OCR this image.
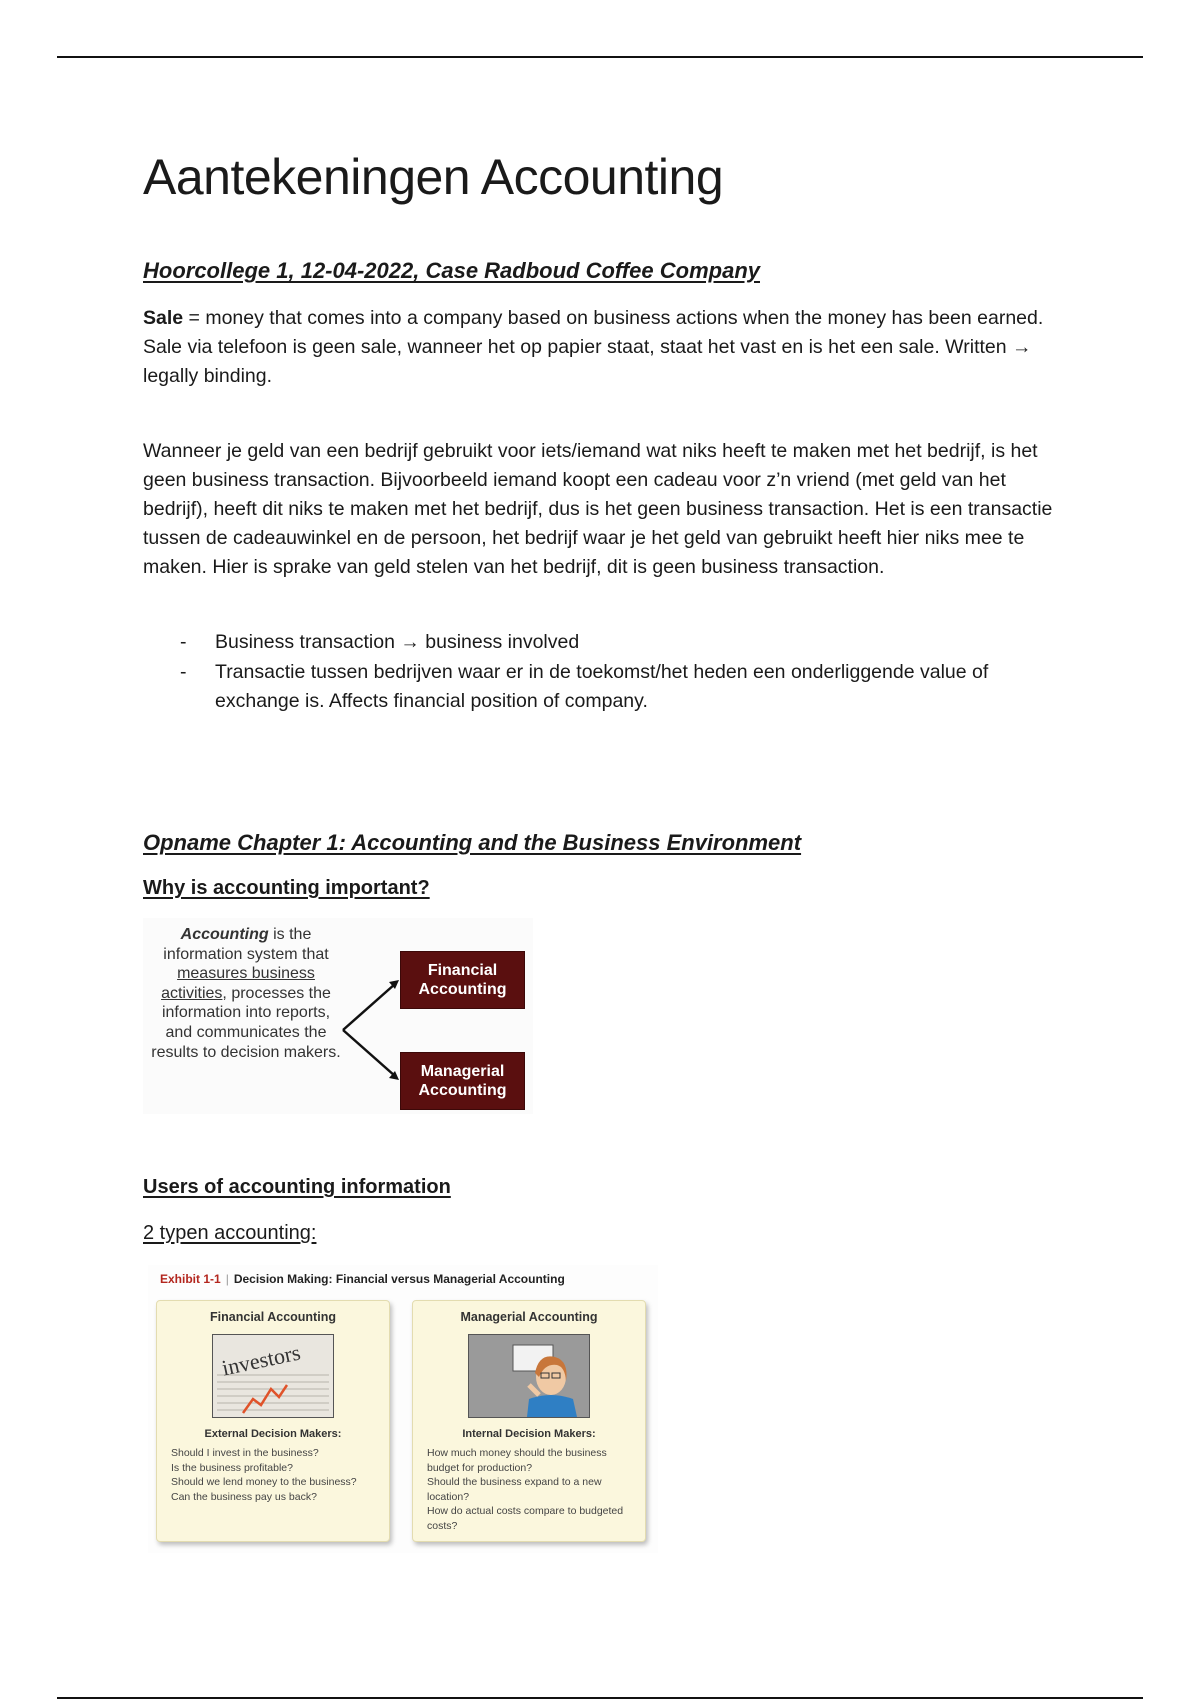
Aantekeningen Accounting
Hoorcollege 1, 12-04-2022, Case Radboud Coffee Company

Sale = money that comes into a company based on business actions when the money has been earned. Sale via telefoon is geen sale, wanneer het op papier staat, staat het vast en is het een sale. Written → legally binding.

Wanneer je geld van een bedrijf gebruikt voor iets/iemand wat niks heeft te maken met het bedrijf, is het geen business transaction. Bijvoorbeeld iemand koopt een cadeau voor z’n vriend (met geld van het bedrijf), heeft dit niks te maken met het bedrijf, dus is het geen business transaction. Het is een transactie tussen de cadeauwinkel en de persoon, het bedrijf waar je het geld van gebruikt heeft hier niks mee te maken. Hier is sprake van geld stelen van het bedrijf, dit is geen business transaction.

- Business transaction → business involved
- Transactie tussen bedrijven waar er in de toekomst/het heden een onderliggende value of exchange is. Affects financial position of company.
Opname Chapter 1: Accounting and the Business Environment
Why is accounting important?
Users of accounting information
2 typen accounting:
Accounting is the information system that measures business activities, processes the information into reports, and communicates the results to decision makers.
Financial
Accounting
Managerial
Accounting
Exhibit 1-1 | Decision Making: Financial versus Managerial Accounting
Financial Accounting
investors
External Decision Makers:
Should I invest in the business?
Is the business profitable?
Should we lend money to the business?
Can the business pay us back?
Managerial Accounting
Internal Decision Makers:
How much money should the business budget for production?
Should the business expand to a new location?
How do actual costs compare to budgeted costs?
